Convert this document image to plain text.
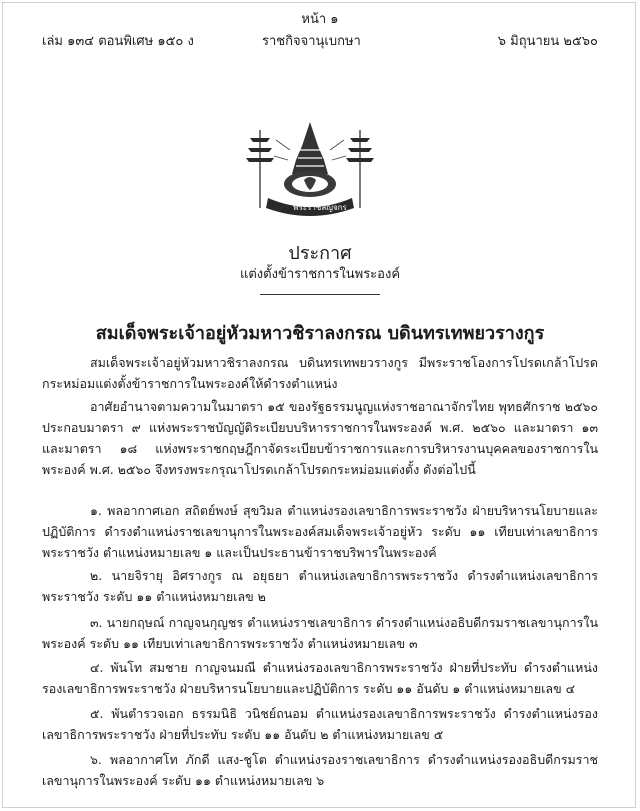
หน้า ๑
เล่ม ๑๓๔ ตอนพิเศษ ๑๕๐ ง	ราชกิจจานุเบกษา	๖ มิถุนายน ๒๕๖๐
พระราชลัญจกร
ประกาศ
แต่งตั้งข้าราชการในพระองค์
สมเด็จพระเจ้าอยู่หัวมหาวชิราลงกรณ บดินทรเทพยวรางกูร
สมเด็จพระเจ้าอยู่หัวมหาวชิราลงกรณ บดินทรเทพยวรางกูร มีพระราชโองการโปรดเกล้าโปรดกระหม่อมแต่งตั้งข้าราชการในพระองค์ให้ดำรงตำแหน่ง
อาศัยอำนาจตามความในมาตรา ๑๕ ของรัฐธรรมนูญแห่งราชอาณาจักรไทย พุทธศักราช ๒๕๖๐ ประกอบมาตรา ๙ แห่งพระราชบัญญัติระเบียบบริหารราชการในพระองค์ พ.ศ. ๒๕๖๐ และมาตรา ๑๓ และมาตรา ๑๘ แห่งพระราชกฤษฎีกาจัดระเบียบข้าราชการและการบริหารงานบุคคลของราชการในพระองค์ พ.ศ. ๒๕๖๐ จึงทรงพระกรุณาโปรดเกล้าโปรดกระหม่อมแต่งตั้ง ดังต่อไปนี้
๑. พลอากาศเอก สถิตย์พงษ์ สุขวิมล ตำแหน่งรองเลขาธิการพระราชวัง ฝ่ายบริหารนโยบายและปฏิบัติการ ดำรงตำแหน่งราชเลขานุการในพระองค์สมเด็จพระเจ้าอยู่หัว ระดับ ๑๑ เทียบเท่าเลขาธิการพระราชวัง ตำแหน่งหมายเลข ๑ และเป็นประธานข้าราชบริพารในพระองค์
๒. นายจิรายุ อิศรางกูร ณ อยุธยา ตำแหน่งเลขาธิการพระราชวัง ดำรงตำแหน่งเลขาธิการพระราชวัง ระดับ ๑๑ ตำแหน่งหมายเลข ๒
๓. นายกฤษณ์ กาญจนกุญชร ตำแหน่งราชเลขาธิการ ดำรงตำแหน่งอธิบดีกรมราชเลขานุการในพระองค์ ระดับ ๑๑ เทียบเท่าเลขาธิการพระราชวัง ตำแหน่งหมายเลข ๓
๔. พันโท สมชาย กาญจนมณี ตำแหน่งรองเลขาธิการพระราชวัง ฝ่ายที่ประทับ ดำรงตำแหน่งรองเลขาธิการพระราชวัง ฝ่ายบริหารนโยบายและปฏิบัติการ ระดับ ๑๑ อันดับ ๑ ตำแหน่งหมายเลข ๔
๕. พันตำรวจเอก ธรรมนิธิ วนิชย์ถนอม ตำแหน่งรองเลขาธิการพระราชวัง ดำรงตำแหน่งรองเลขาธิการพระราชวัง ฝ่ายที่ประทับ ระดับ ๑๑ อันดับ ๒ ตำแหน่งหมายเลข ๕
๖. พลอากาศโท ภักดี แสง-ชูโต ตำแหน่งรองราชเลขาธิการ ดำรงตำแหน่งรองอธิบดีกรมราชเลขานุการในพระองค์ ระดับ ๑๑ ตำแหน่งหมายเลข ๖
